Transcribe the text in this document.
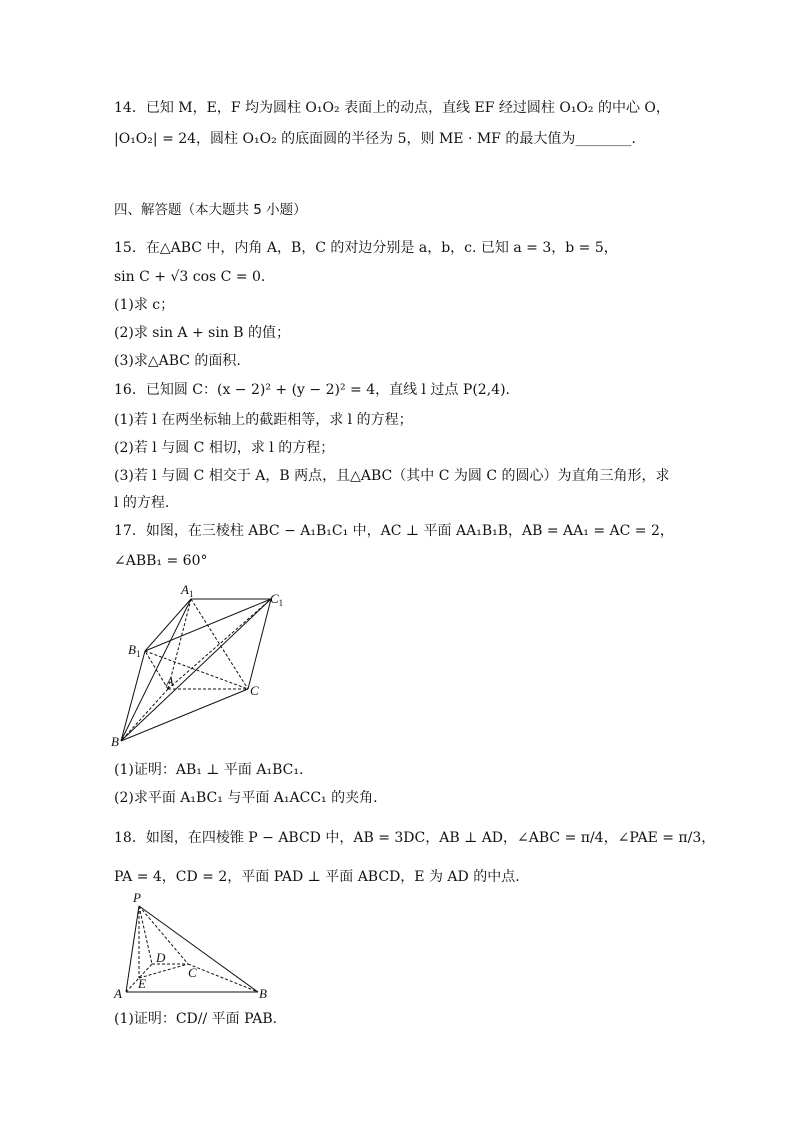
14．已知 M，E，F 均为圆柱 O₁O₂ 表面上的动点，直线 EF 经过圆柱 O₁O₂ 的中心 O，
|O₁O₂| = 24，圆柱 O₁O₂ 的底面圆的半径为 5，则 ME · MF 的最大值为________.
四、解答题（本大题共 5 小题）
15．在△ABC 中，内角 A，B，C 的对边分别是 a，b，c. 已知 a = 3，b = 5，
sin C + √3 cos C = 0.
(1)求 c；
(2)求 sin A + sin B 的值；
(3)求△ABC 的面积.
16．已知圆 C：(x − 2)² + (y − 2)² = 4，直线 l 过点 P(2,4).
(1)若 l 在两坐标轴上的截距相等，求 l 的方程；
(2)若 l 与圆 C 相切，求 l 的方程；
(3)若 l 与圆 C 相交于 A，B 两点，且△ABC（其中 C 为圆 C 的圆心）为直角三角形，求
l 的方程.
17．如图，在三棱柱 ABC − A₁B₁C₁ 中，AC ⊥ 平面 AA₁B₁B，AB = AA₁ = AC = 2，
∠ABB₁ = 60°
$A_1$	$C_1$
$B_1$
A
C
B
(1)证明：AB₁ ⊥ 平面 A₁BC₁.
(2)求平面 A₁BC₁ 与平面 A₁ACC₁ 的夹角.
18．如图，在四棱锥 P − ABCD 中，AB = 3DC，AB ⊥ AD，∠ABC = π/4，∠PAE = π/3，
PA = 4，CD = 2，平面 PAD ⊥ 平面 ABCD，E 为 AD 的中点.
P
D
C
E
A	B
(1)证明：CD// 平面 PAB.
